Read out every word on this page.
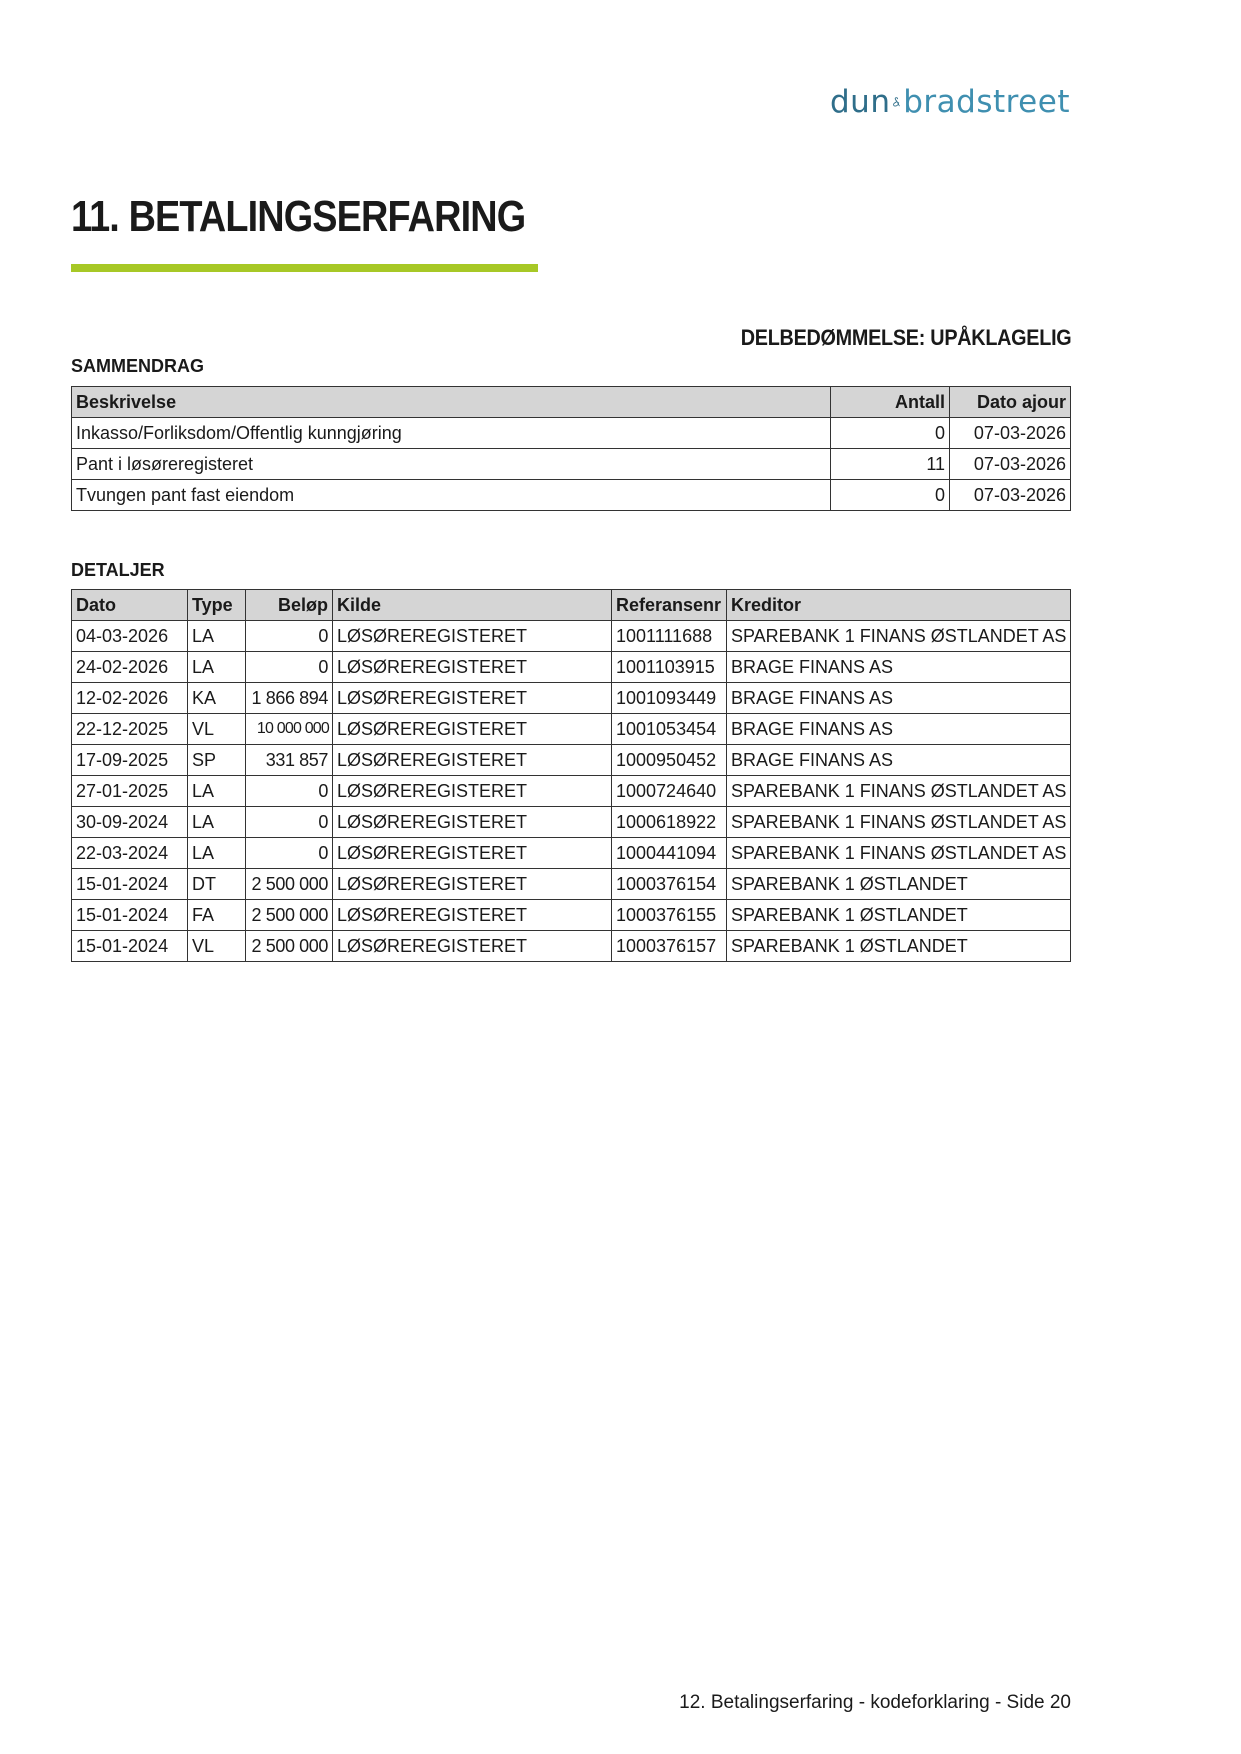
dun bradstreet
11. BETALINGSERFARING
DELBEDØMMELSE: UPÅKLAGELIG
SAMMENDRAG
Beskrivelse	Antall	Dato ajour
Inkasso/Forliksdom/Offentlig kunngjøring	0	07-03-2026
Pant i løsøreregisteret	11	07-03-2026
Tvungen pant fast eiendom	0	07-03-2026
DETALJER
Dato	Type	Beløp	Kilde	Referansenr	Kreditor
04-03-2026	LA	0	LØSØREREGISTERET	1001111688	SPAREBANK 1 FINANS ØSTLANDET AS
24-02-2026	LA	0	LØSØREREGISTERET	1001103915	BRAGE FINANS AS
12-02-2026	KA	1 866 894	LØSØREREGISTERET	1001093449	BRAGE FINANS AS
22-12-2025	VL	10 000 000	LØSØREREGISTERET	1001053454	BRAGE FINANS AS
17-09-2025	SP	331 857	LØSØREREGISTERET	1000950452	BRAGE FINANS AS
27-01-2025	LA	0	LØSØREREGISTERET	1000724640	SPAREBANK 1 FINANS ØSTLANDET AS
30-09-2024	LA	0	LØSØREREGISTERET	1000618922	SPAREBANK 1 FINANS ØSTLANDET AS
22-03-2024	LA	0	LØSØREREGISTERET	1000441094	SPAREBANK 1 FINANS ØSTLANDET AS
15-01-2024	DT	2 500 000	LØSØREREGISTERET	1000376154	SPAREBANK 1 ØSTLANDET
15-01-2024	FA	2 500 000	LØSØREREGISTERET	1000376155	SPAREBANK 1 ØSTLANDET
15-01-2024	VL	2 500 000	LØSØREREGISTERET	1000376157	SPAREBANK 1 ØSTLANDET

12. Betalingserfaring - kodeforklaring - Side 20
